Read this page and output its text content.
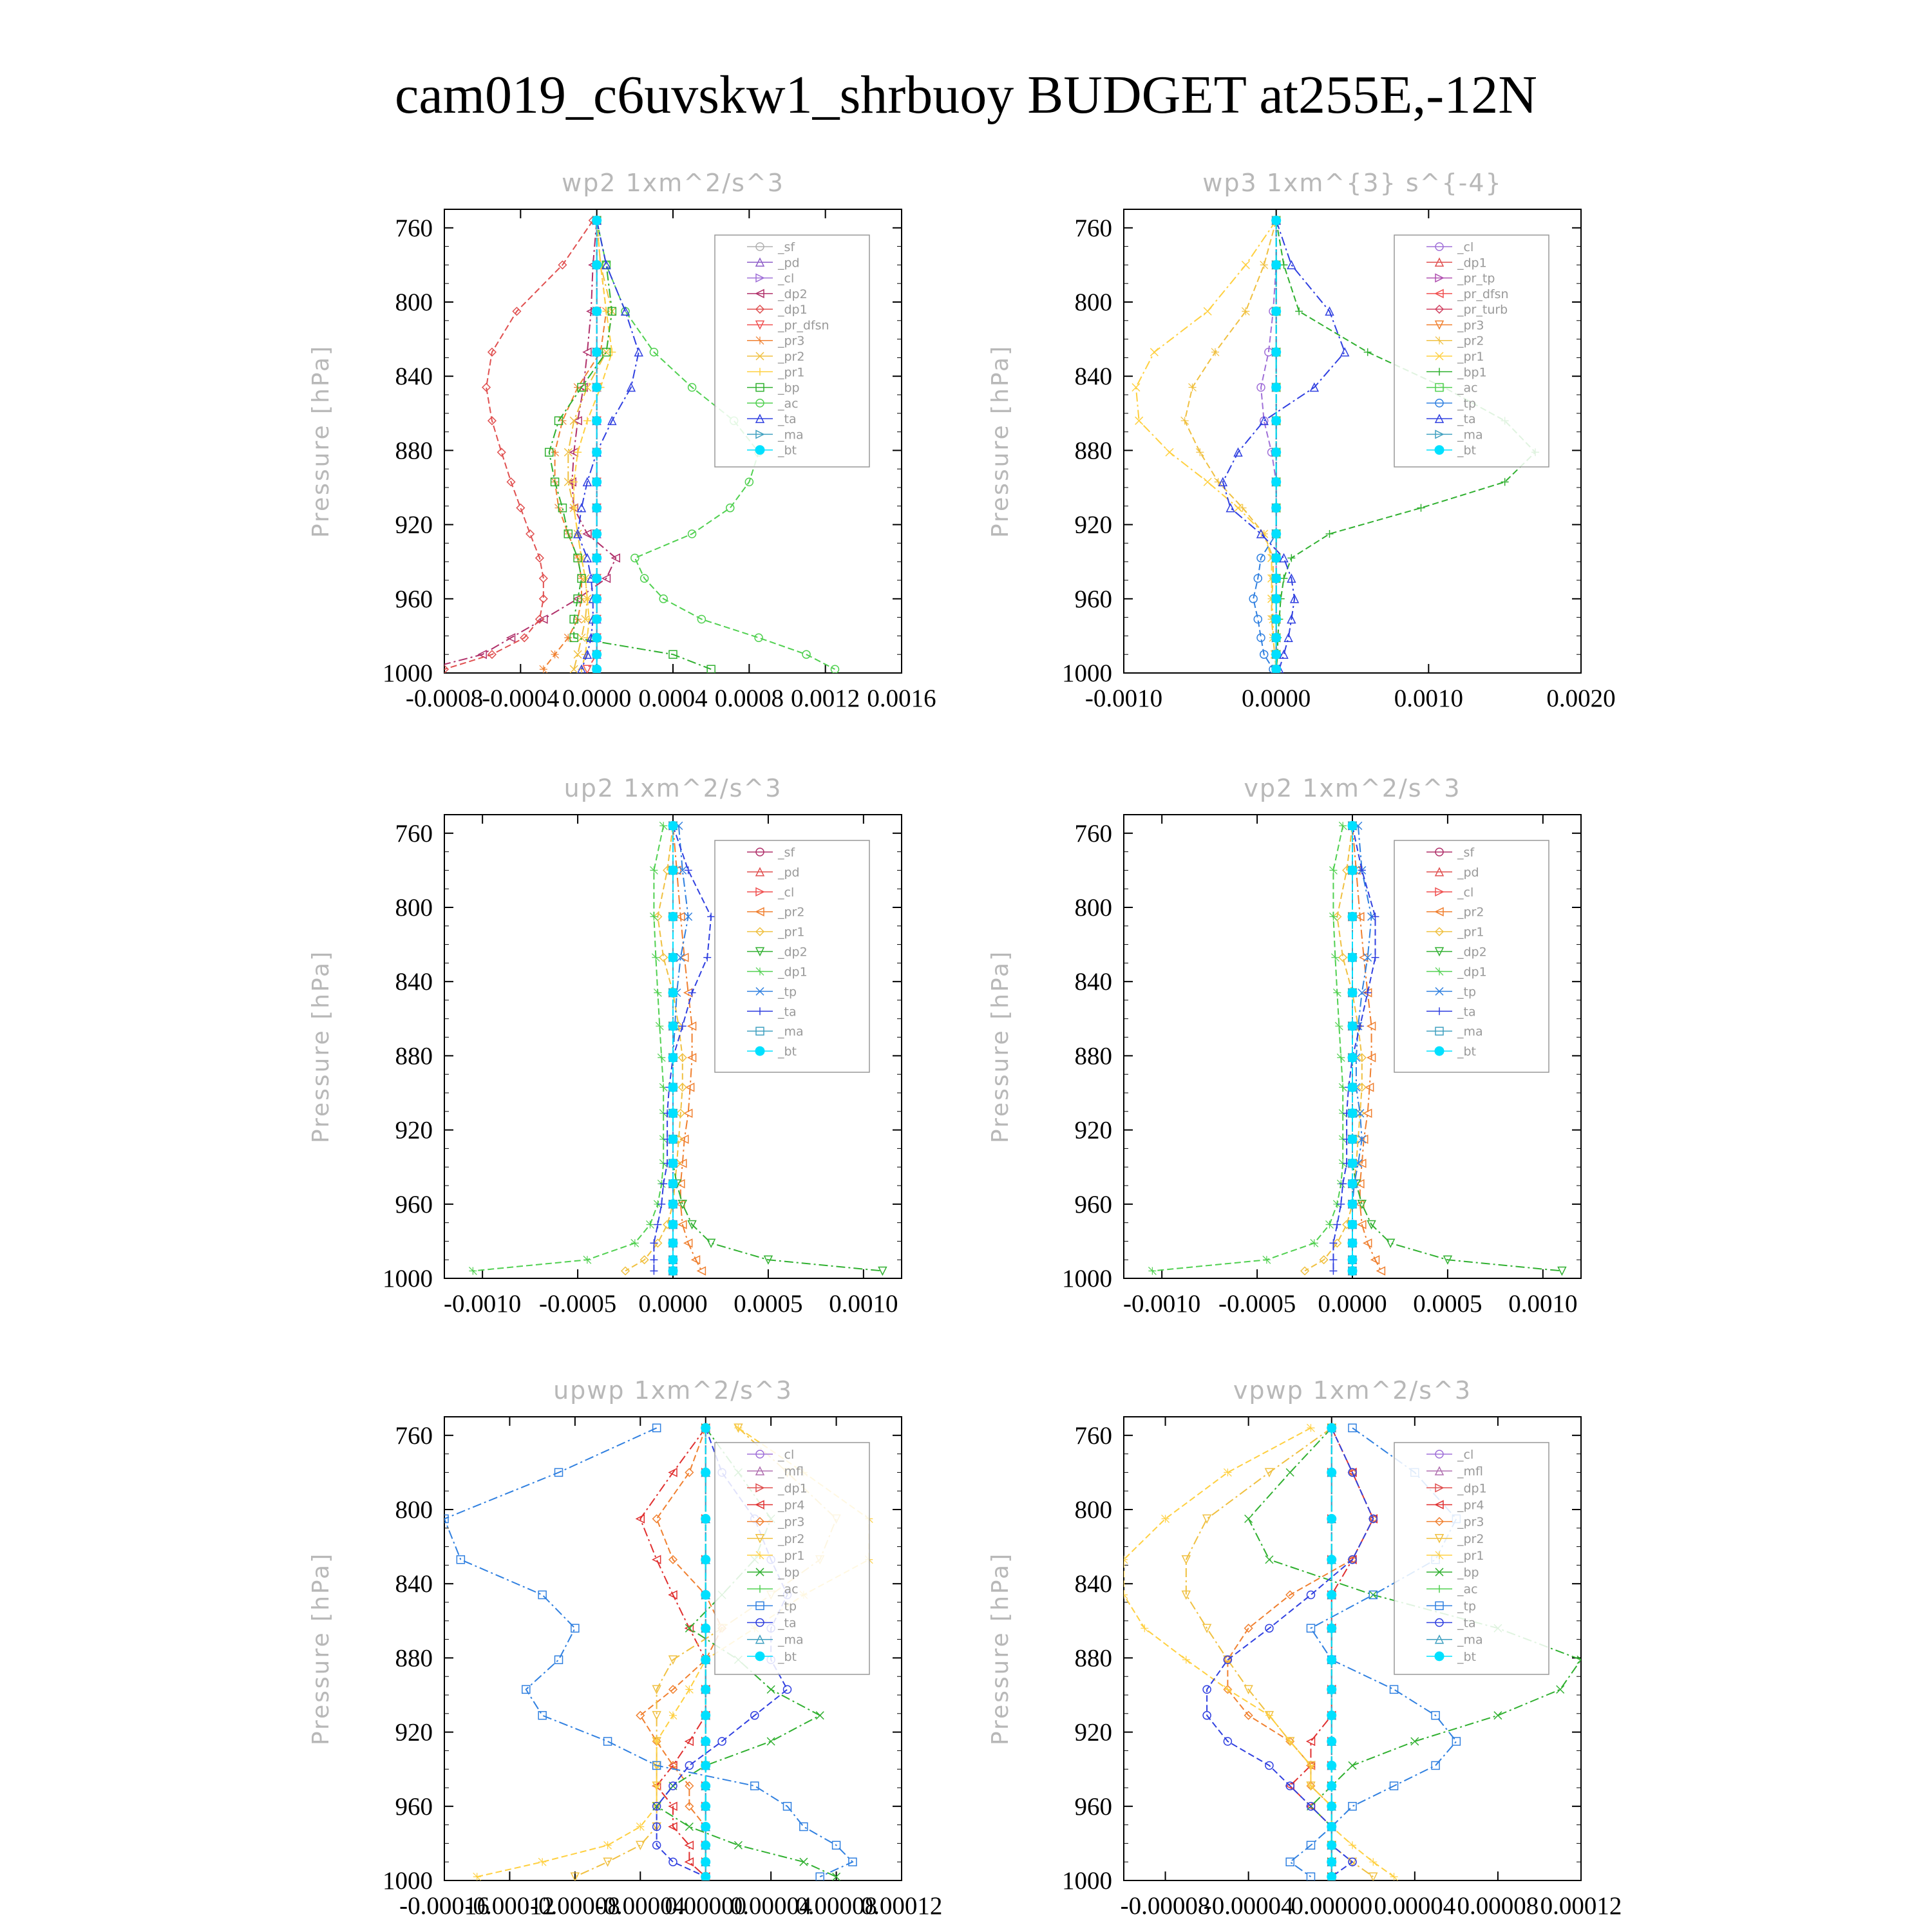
cam019_c6uvskw1_shrbuoy BUDGET at255E,-12N
wp2 1xm^2/s^3
Pressure [hPa]
760
800
840
880
920
960
1000
-0.0008
-0.0004 0.0000 0.0004 0.0008 0.0012 0.0016
_sf
_pd
_cl
_dp2
_dp1
_pr_dfsn
_pr3
_pr2
_pr1
_bp
_ac
_ta
_ma
_bt
wp3 1xm^{3} s^{-4}
Pressure [hPa]
760
800
840
880
920
960
1000
-0.0010	0.0000	0.0010	0.0020
_cl
_dp1
_pr_tp
_pr_dfsn
_pr_turb
_pr3
_pr2
_pr1
_bp1
_ac
_tp
_ta
_ma
_bt
up2 1xm^2/s^3
Pressure [hPa]
760
800
840
880
920
960
1000
-0.0010 -0.0005 0.0000 0.0005 0.0010
_sf
_pd
_cl
_pr2
_pr1
_dp2
_dp1
_tp
_ta
_ma
_bt
vp2 1xm^2/s^3
Pressure [hPa]
760
800
840
880
920
960
1000
-0.0010 -0.0005 0.0000 0.0005 0.0010
_sf
_pd
_cl
_pr2
_pr1
_dp2
_dp1
_tp
_ta
_ma
_bt
upwp 1xm^2/s^3
Pressure [hPa]
760
800
840
880
920
960
1000
-0.00016
-0.00012
-0.00008
-0.00004
0.00000
0.00004
0.00008
0.00012
_cl
_mfl
_dp1
_pr4
_pr3
_pr2
_pr1
_bp
_ac
_tp
_ta
_ma
_bt
vpwp 1xm^2/s^3
Pressure [hPa]
760
800
840
880
920
960
1000
-0.00008
-0.00004
0.00000 0.00004 0.00008 0.00012
_cl
_mfl
_dp1
_pr4
_pr3
_pr2
_pr1
_bp
_ac
_tp
_ta
_ma
_bt
